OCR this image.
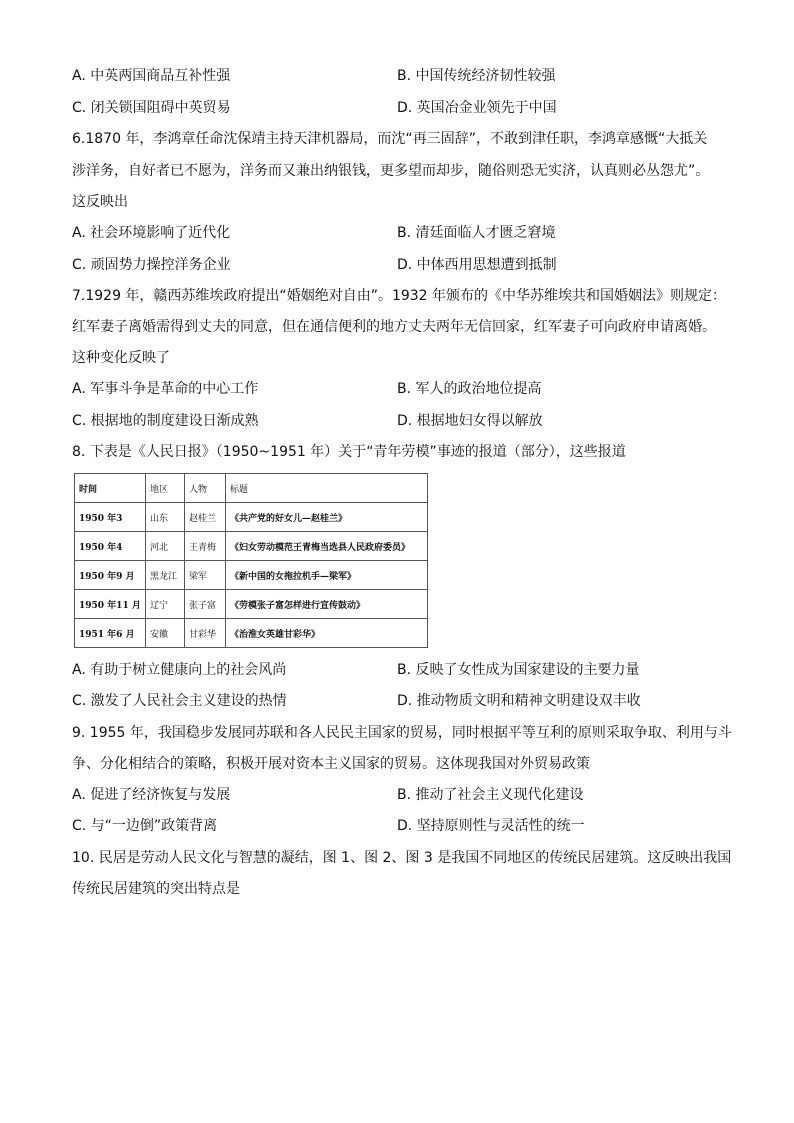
A. 中英两国商品互补性强	B. 中国传统经济韧性较强
C. 闭关锁国阻碍中英贸易	D. 英国冶金业领先于中国
6.1870 年，李鸿章任命沈保靖主持天津机器局，而沈“再三固辞”，不敢到津任职，李鸿章感慨“大抵关
涉洋务，自好者已不愿为，洋务而又兼出纳银钱，更多望而却步，随俗则恐无实济，认真则必丛怨尤”。
这反映出
A. 社会环境影响了近代化	B. 清廷面临人才匮乏窘境
C. 顽固势力操控洋务企业	D. 中体西用思想遭到抵制
7.1929 年，赣西苏维埃政府提出“婚姻绝对自由”。1932 年颁布的《中华苏维埃共和国婚姻法》则规定：
红军妻子离婚需得到丈夫的同意，但在通信便利的地方丈夫两年无信回家，红军妻子可向政府申请离婚。
这种变化反映了
A. 军事斗争是革命的中心工作	B. 军人的政治地位提高
C. 根据地的制度建设日渐成熟	D. 根据地妇女得以解放
8. 下表是《人民日报》（1950~1951 年）关于“青年劳模”事迹的报道（部分），这些报道
时间	地区	人物	标题
1950 年3	山东	赵桂兰	《共产党的好女儿—赵桂兰》
1950 年4	河北	王青梅	《妇女劳动模范王青梅当选县人民政府委员》
1950 年9 月	黑龙江	梁军	《新中国的女拖拉机手—梁军》
1950 年11 月	辽宁	张子富	《劳模张子富怎样进行宣传鼓动》
1951 年6 月	安徽	甘彩华	《治淮女英雄甘彩华》
A. 有助于树立健康向上的社会风尚	B. 反映了女性成为国家建设的主要力量
C. 激发了人民社会主义建设的热情	D. 推动物质文明和精神文明建设双丰收
9. 1955 年，我国稳步发展同苏联和各人民民主国家的贸易，同时根据平等互利的原则采取争取、利用与斗
争、分化相结合的策略，积极开展对资本主义国家的贸易。这体现我国对外贸易政策
A. 促进了经济恢复与发展	B. 推动了社会主义现代化建设
C. 与“一边倒”政策背离	D. 坚持原则性与灵活性的统一
10. 民居是劳动人民文化与智慧的凝结，图 1、图 2、图 3 是我国不同地区的传统民居建筑。这反映出我国
传统民居建筑的突出特点是
